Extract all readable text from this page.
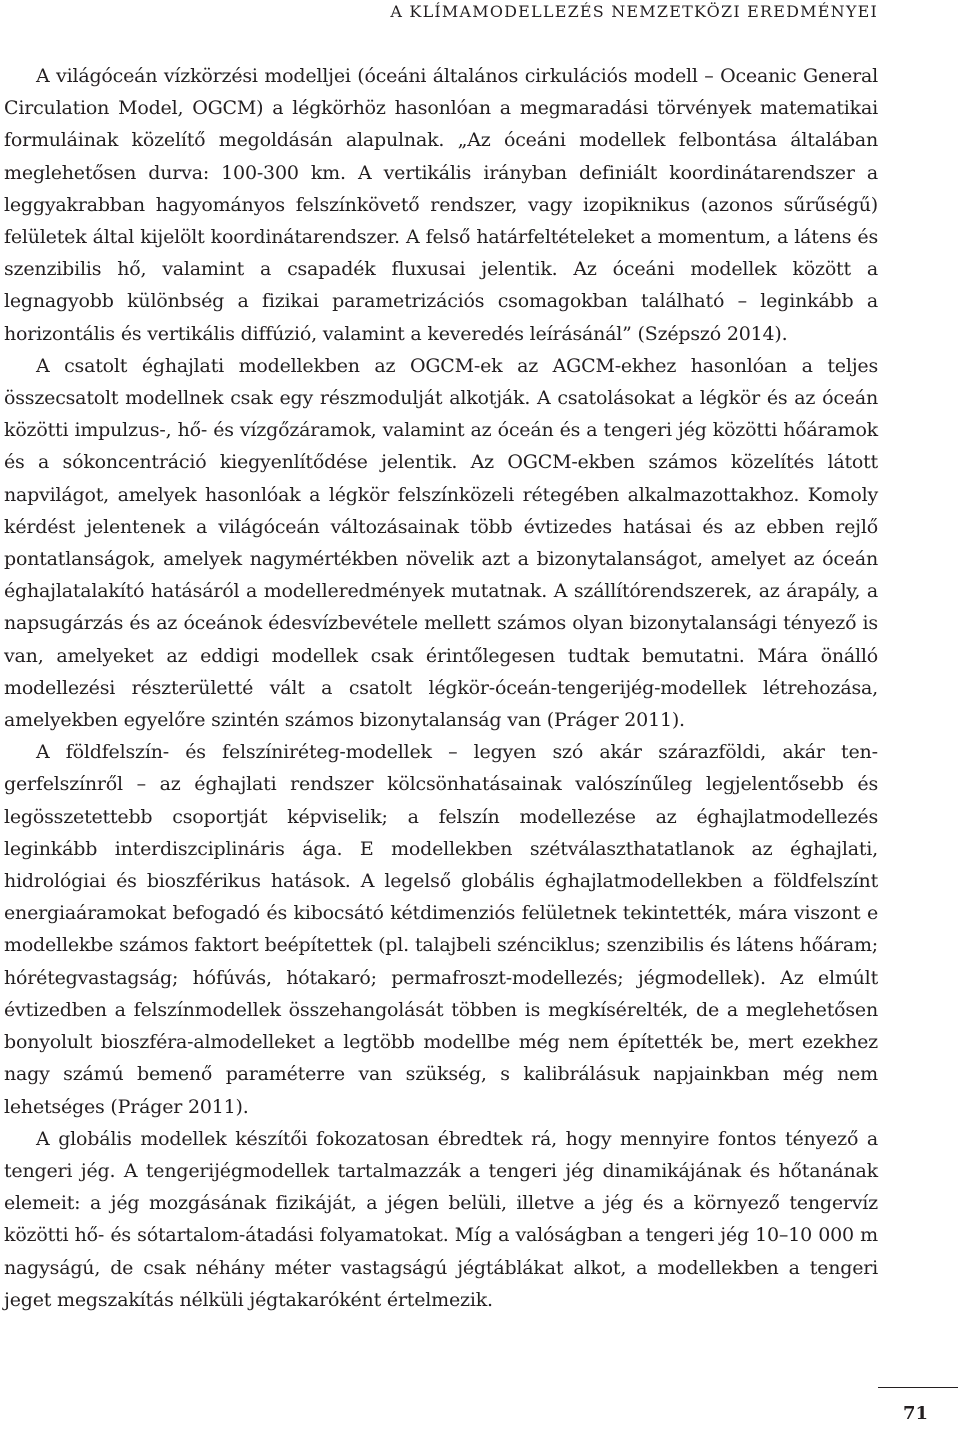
A KLÍMAMODELLEZÉS NEMZETKÖZI EREDMÉNYEI

A világóceán vízkörzési modelljei (óceáni általános cirkulációs modell – Oceanic General Circulation Model, OGCM) a légkörhöz hasonlóan a megmaradási törvények matematikai formuláinak közelítő megoldásán alapulnak. „Az óceáni modellek felbontása általában meglehetősen durva: 100-300 km. A vertikális irányban definiált koordinátarendszer a leggyakrabban hagyományos felszínkövető rendszer, vagy izopiknikus (azonos sűrűségű) felületek által kijelölt koordinátarendszer. A felső határfeltételeket a momentum, a látens és szenzibilis hő, valamint a csapadék fluxusai jelentik. Az óceáni modellek között a legnagyobb különbség a fizikai parametrizációs csomagokban található – leginkább a horizontális és vertikális diffúzió, valamint a keveredés leírásánál” (Szépszó 2014).

A csatolt éghajlati modellekben az OGCM-ek az AGCM-ekhez hasonlóan a teljes összecsatolt modellnek csak egy részmodulját alkotják. A csatolásokat a légkör és az óceán közötti impulzus-, hő- és vízgőzáramok, valamint az óceán és a tengeri jég közötti hőáramok és a sókoncentráció kiegyenlítődése jelentik. Az OGCM-ekben számos közelítés látott napvilágot, amelyek hasonlóak a légkör felszínközeli rétegében alkalmazottakhoz. Komoly kérdést jelentenek a világóceán változásainak több évtizedes hatásai és az ebben rejlő pontatlanságok, amelyek nagymértékben növelik azt a bizonytalanságot, amelyet az óceán éghajlatalakító hatásáról a modelleredmények mutatnak. A szállítórendszerek, az árapály, a napsugárzás és az óceánok édesvízbevétele mellett számos olyan bizonytalansági tényező is van, amelyeket az eddigi modellek csak érintőlegesen tudtak bemutatni. Mára önálló modellezési részterületté vált a csatolt légkör-óceán-tengerijég-modellek létrehozása, amelyekben egyelőre szintén számos bizonytalanság van (Práger 2011).

A földfelszín- és felszíniréteg-modellek – legyen szó akár szárazföldi, akár tengerfelszínről – az éghajlati rendszer kölcsönhatásainak valószínűleg legjelentősebb és legösszetettebb csoportját képviselik; a felszín modellezése az éghajlatmodellezés leginkább interdiszciplináris ága. E modellekben szétválaszthatatlanok az éghajlati, hidrológiai és bioszférikus hatások. A legelső globális éghajlatmodellekben a földfelszínt energiaáramokat befogadó és kibocsátó kétdimenziós felületnek tekintették, mára viszont e modellekbe számos faktort beépítettek (pl. talajbeli szénciklus; szenzibilis és látens hőáram; hórétegvastagság; hófúvás, hótakaró; permafroszt-modellezés; jégmodellek). Az elmúlt évtizedben a felszínmodellek összehangolását többen is megkísérelték, de a meglehetősen bonyolult bioszféra-almodelleket a legtöbb modellbe még nem építették be, mert ezekhez nagy számú bemenő paraméterre van szükség, s kalibrálásuk napjainkban még nem lehetséges (Práger 2011).

A globális modellek készítői fokozatosan ébredtek rá, hogy mennyire fontos tényező a tengeri jég. A tengerijégmodellek tartalmazzák a tengeri jég dinamikájának és hőtanának elemeit: a jég mozgásának fizikáját, a jégen belüli, illetve a jég és a környező tengervíz közötti hő- és sótartalom-átadási folyamatokat. Míg a valóságban a tengeri jég 10–10 000 m nagyságú, de csak néhány méter vastagságú jégtáblákat alkot, a modellekben a tengeri jeget megszakítás nélküli jégtakaróként értelmezik.

71
